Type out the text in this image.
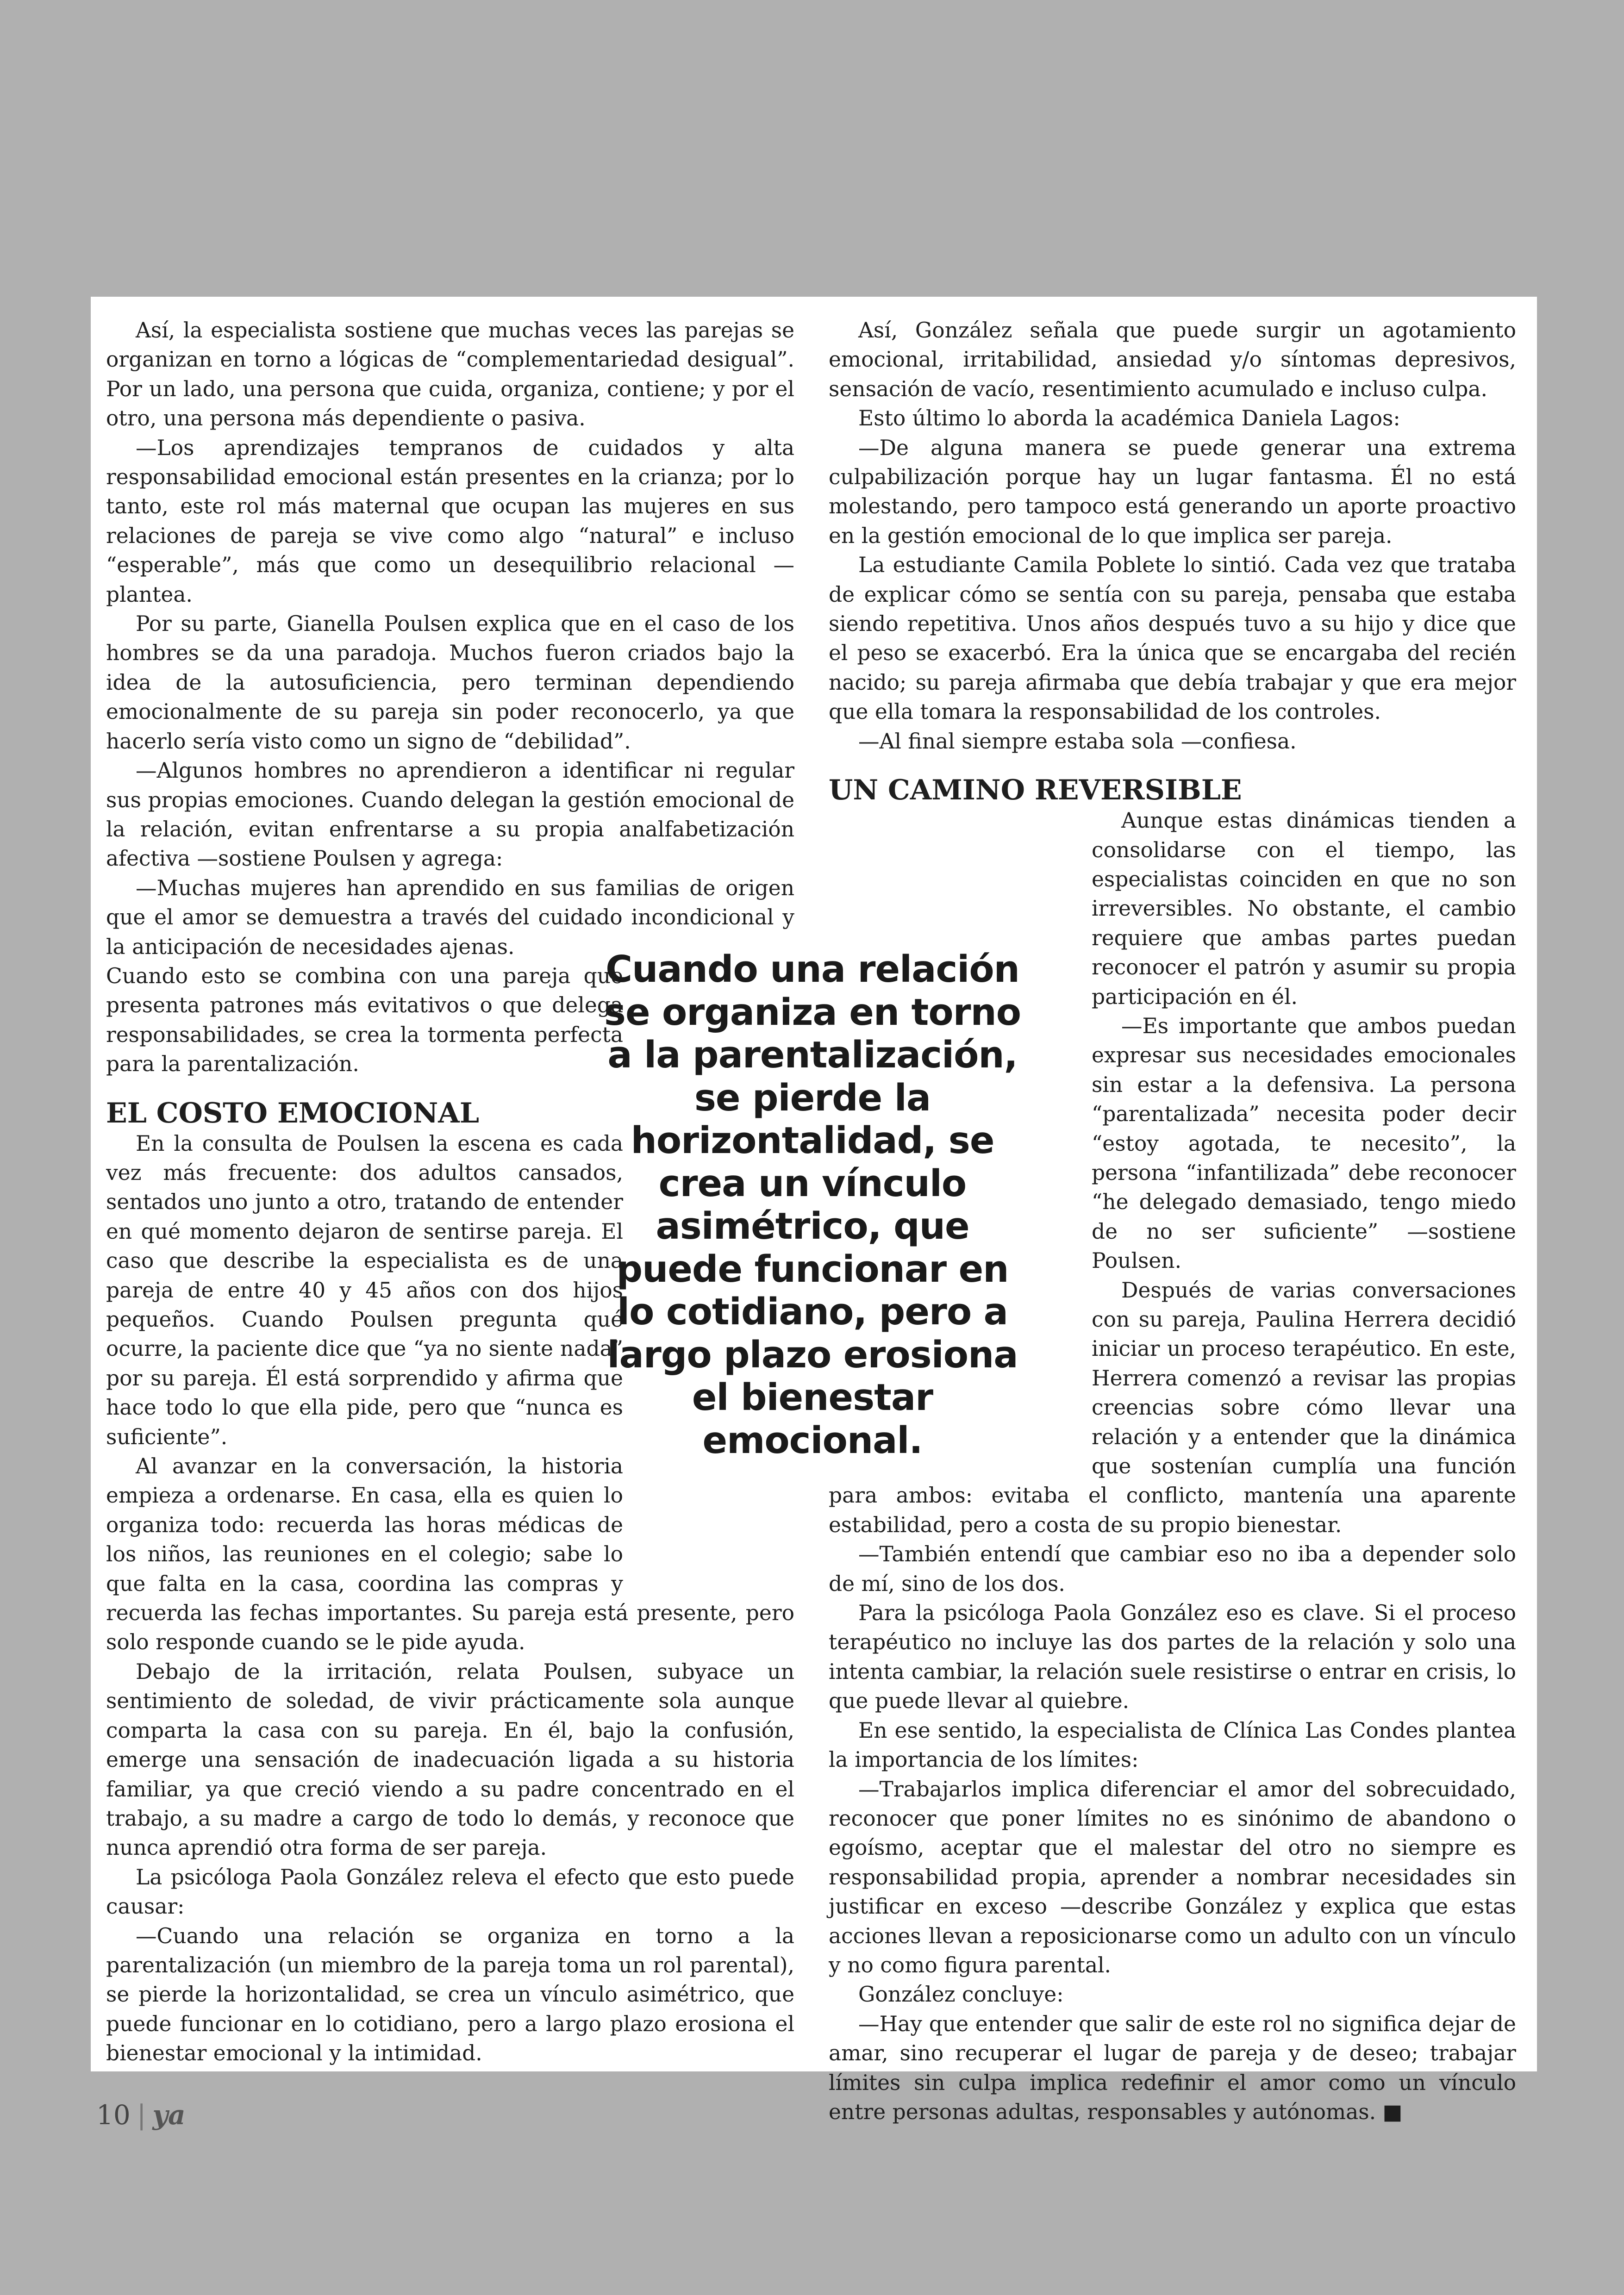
Así, la especialista sostiene que muchas veces las parejas se organizan en torno a lógicas de “complementariedad desigual”. Por un lado, una persona que cuida, organiza, contiene; y por el otro, una persona más dependiente o pasiva.

—Los aprendizajes tempranos de cuidados y alta responsabilidad emocional están presentes en la crianza; por lo tanto, este rol más maternal que ocupan las mujeres en sus relaciones de pareja se vive como algo “natural” e incluso “esperable”, más que como un desequilibrio relacional —plantea.

Por su parte, Gianella Poulsen explica que en el caso de los hombres se da una paradoja. Muchos fueron criados bajo la idea de la autosuficiencia, pero terminan dependiendo emocionalmente de su pareja sin poder reconocerlo, ya que hacerlo sería visto como un signo de “debilidad”.

—Algunos hombres no aprendieron a identificar ni regular sus propias emociones. Cuando delegan la gestión emocional de la relación, evitan enfrentarse a su propia analfabetización afectiva —sostiene Poulsen y agrega:

—Muchas mujeres han aprendido en sus familias de origen que el amor se demuestra a través del cuidado incondicional y la anticipación de necesidades ajenas.

Cuando esto se combina con una pareja que presenta patrones más evitativos o que delega responsabilidades, se crea la tormenta perfecta para la parentalización.

EL COSTO EMOCIONAL

En la consulta de Poulsen la escena es cada vez más frecuente: dos adultos cansados, sentados uno junto a otro, tratando de entender en qué momento dejaron de sentirse pareja. El caso que describe la especialista es de una pareja de entre 40 y 45 años con dos hijos pequeños. Cuando Poulsen pregunta qué ocurre, la paciente dice que “ya no siente nada” por su pareja. Él está sorprendido y afirma que hace todo lo que ella pide, pero que “nunca es suficiente”.

Al avanzar en la conversación, la historia empieza a ordenarse. En casa, ella es quien lo organiza todo: recuerda las horas médicas de los niños, las reuniones en el colegio; sabe lo que falta en la casa, coordina las compras y recuerda las fechas importantes. Su pareja está presente, pero solo responde cuando se le pide ayuda.

Debajo de la irritación, relata Poulsen, subyace un sentimiento de soledad, de vivir prácticamente sola aunque comparta la casa con su pareja. En él, bajo la confusión, emerge una sensación de inadecuación ligada a su historia familiar, ya que creció viendo a su padre concentrado en el trabajo, a su madre a cargo de todo lo demás, y reconoce que nunca aprendió otra forma de ser pareja.

La psicóloga Paola González releva el efecto que esto puede causar:

—Cuando una relación se organiza en torno a la parentalización (un miembro de la pareja toma un rol parental), se pierde la horizontalidad, se crea un vínculo asimétrico, que puede funcionar en lo cotidiano, pero a largo plazo erosiona el bienestar emocional y la intimidad.

Así, González señala que puede surgir un agotamiento emocional, irritabilidad, ansiedad y/o síntomas depresivos, sensación de vacío, resentimiento acumulado e incluso culpa.

Esto último lo aborda la académica Daniela Lagos:

—De alguna manera se puede generar una extrema culpabilización porque hay un lugar fantasma. Él no está molestando, pero tampoco está generando un aporte proactivo en la gestión emocional de lo que implica ser pareja.

La estudiante Camila Poblete lo sintió. Cada vez que trataba de explicar cómo se sentía con su pareja, pensaba que estaba siendo repetitiva. Unos años después tuvo a su hijo y dice que el peso se exacerbó. Era la única que se encargaba del recién nacido; su pareja afirmaba que debía trabajar y que era mejor que ella tomara la responsabilidad de los controles.

—Al final siempre estaba sola —confiesa.

UN CAMINO REVERSIBLE

Aunque estas dinámicas tienden a consolidarse con el tiempo, las especialistas coinciden en que no son irreversibles. No obstante, el cambio requiere que ambas partes puedan reconocer el patrón y asumir su propia participación en él.

—Es importante que ambos puedan expresar sus necesidades emocionales sin estar a la defensiva. La persona “parentalizada” necesita poder decir “estoy agotada, te necesito”, la persona “infantilizada” debe reconocer “he delegado demasiado, tengo miedo de no ser suficiente” —sostiene Poulsen.

Después de varias conversaciones con su pareja, Paulina Herrera decidió iniciar un proceso terapéutico. En este, Herrera comenzó a revisar las propias creencias sobre cómo llevar una relación y a entender que la dinámica que sostenían cumplía una función para ambos: evitaba el conflicto, mantenía una aparente estabilidad, pero a costa de su propio bienestar.

—También entendí que cambiar eso no iba a depender solo de mí, sino de los dos.

Para la psicóloga Paola González eso es clave. Si el proceso terapéutico no incluye las dos partes de la relación y solo una intenta cambiar, la relación suele resistirse o entrar en crisis, lo que puede llevar al quiebre.

En ese sentido, la especialista de Clínica Las Condes plantea la importancia de los límites:

—Trabajarlos implica diferenciar el amor del sobrecuidado, reconocer que poner límites no es sinónimo de abandono o egoísmo, aceptar que el malestar del otro no siempre es responsabilidad propia, aprender a nombrar necesidades sin justificar en exceso —describe González y explica que estas acciones llevan a reposicionarse como un adulto con un vínculo y no como figura parental.

González concluye:

—Hay que entender que salir de este rol no significa dejar de amar, sino recuperar el lugar de pareja y de deseo; trabajar límites sin culpa implica redefinir el amor como un vínculo entre personas adultas, responsables y autónomas. ■

Cuando una relación se organiza en torno a la parentalización, se pierde la horizontalidad, se crea un vínculo asimétrico, que puede funcionar en lo cotidiano, pero a largo plazo erosiona el bienestar emocional.
10 | ya
